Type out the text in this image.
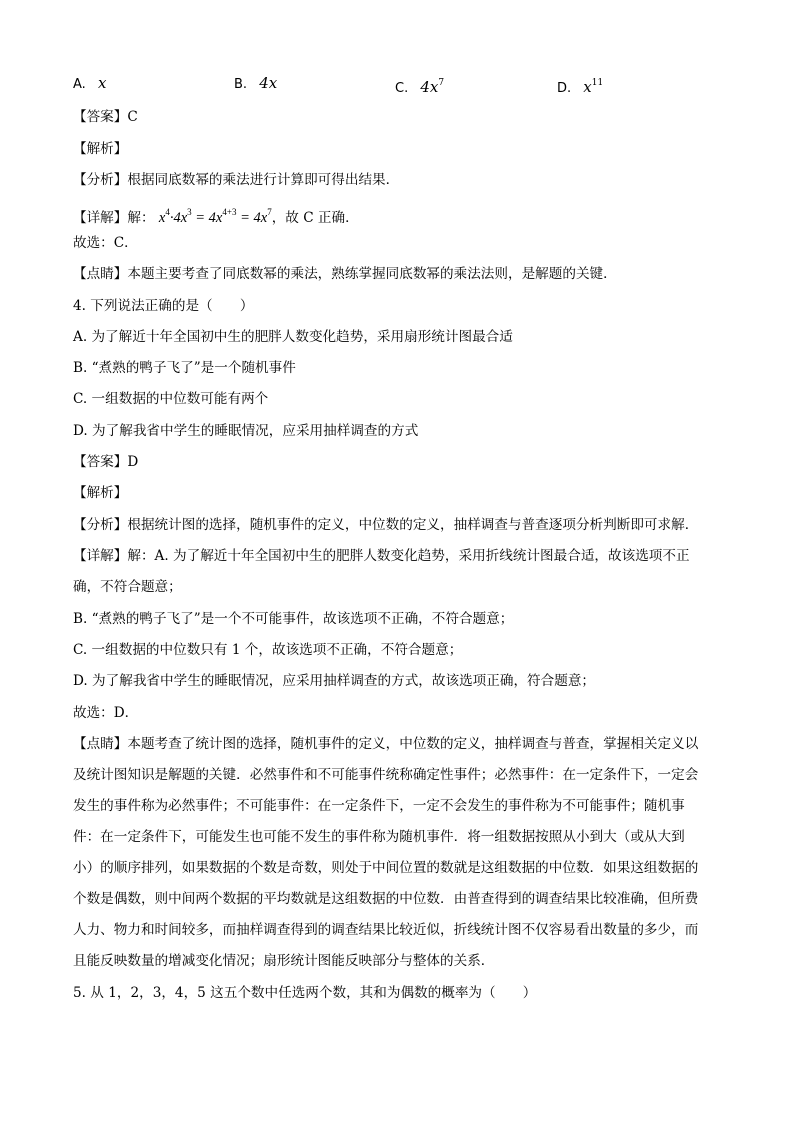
A. x	B. 4x	C. $4x^7$	D. $x^{11}$
【答案】C
【解析】
【分析】根据同底数幂的乘法进行计算即可得出结果．
【详解】解： $x^4\cdot 4x^3 = 4x^{4+3} = 4x^7$，故 C 正确．
故选：C．
【点睛】本题主要考查了同底数幂的乘法，熟练掌握同底数幂的乘法法则，是解题的关键．
4. 下列说法正确的是（　　）
A. 为了解近十年全国初中生的肥胖人数变化趋势，采用扇形统计图最合适
B. “煮熟的鸭子飞了”是一个随机事件
C. 一组数据的中位数可能有两个
D. 为了解我省中学生的睡眠情况，应采用抽样调查的方式
【答案】D
【解析】
【分析】根据统计图的选择，随机事件的定义，中位数的定义，抽样调查与普查逐项分析判断即可求解．
【详解】解：A. 为了解近十年全国初中生的肥胖人数变化趋势，采用折线统计图最合适，故该选项不正
确，不符合题意；
B. “煮熟的鸭子飞了”是一个不可能事件，故该选项不正确，不符合题意；
C. 一组数据的中位数只有 1 个，故该选项不正确，不符合题意；
D. 为了解我省中学生的睡眠情况，应采用抽样调查的方式，故该选项正确，符合题意；
故选：D．
【点睛】本题考查了统计图的选择，随机事件的定义，中位数的定义，抽样调查与普查，掌握相关定义以
及统计图知识是解题的关键．必然事件和不可能事件统称确定性事件；必然事件：在一定条件下，一定会
发生的事件称为必然事件；不可能事件：在一定条件下，一定不会发生的事件称为不可能事件；随机事
件：在一定条件下，可能发生也可能不发生的事件称为随机事件．将一组数据按照从小到大（或从大到
小）的顺序排列，如果数据的个数是奇数，则处于中间位置的数就是这组数据的中位数．如果这组数据的
个数是偶数，则中间两个数据的平均数就是这组数据的中位数．由普查得到的调查结果比较准确，但所费
人力、物力和时间较多，而抽样调查得到的调查结果比较近似，折线统计图不仅容易看出数量的多少，而
且能反映数量的增减变化情况；扇形统计图能反映部分与整体的关系．
5. 从 1，2，3，4，5 这五个数中任选两个数，其和为偶数的概率为（　　）
